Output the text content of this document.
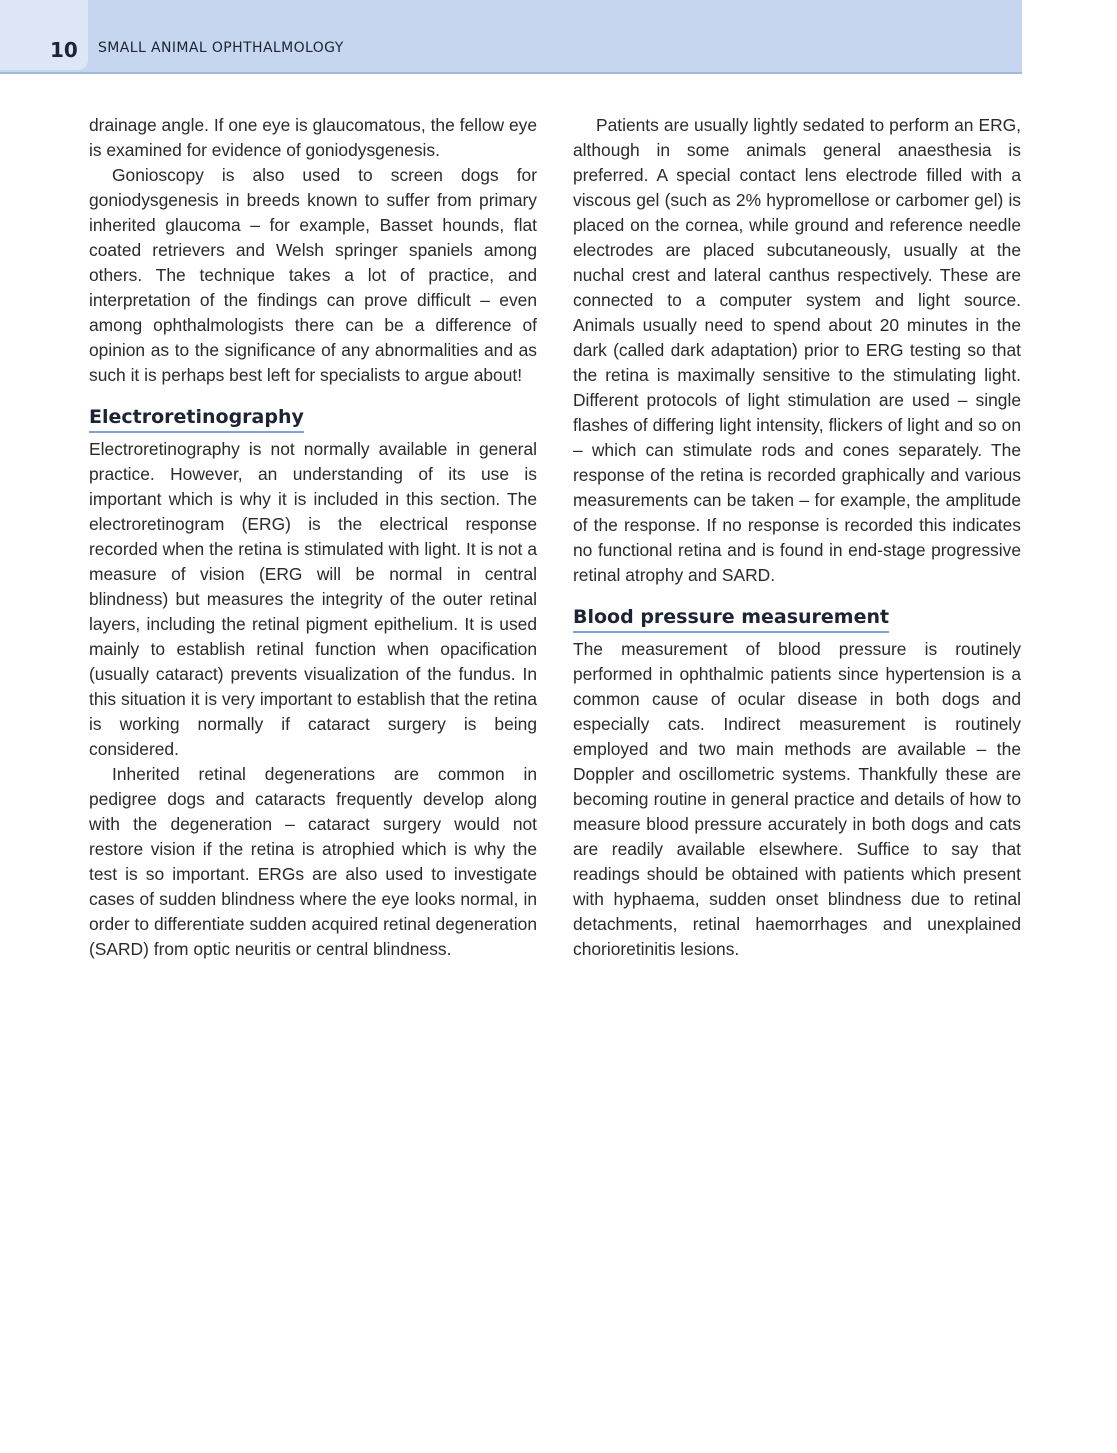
10 SMALL ANIMAL OPHTHALMOLOGY

drainage angle. If one eye is glaucomatous, the fellow eye is examined for evidence of goniodysgenesis.

Gonioscopy is also used to screen dogs for goniodysgenesis in breeds known to suffer from primary inherited glaucoma – for example, Basset hounds, flat coated retrievers and Welsh springer spaniels among others. The technique takes a lot of practice, and interpretation of the findings can prove difficult – even among ophthalmologists there can be a difference of opinion as to the significance of any abnormalities and as such it is perhaps best left for specialists to argue about!

Electroretinography

Electroretinography is not normally available in general practice. However, an understanding of its use is important which is why it is included in this section. The electroretinogram (ERG) is the electrical response recorded when the retina is stimulated with light. It is not a measure of vision (ERG will be normal in central blindness) but measures the integrity of the outer retinal layers, including the retinal pigment epithelium. It is used mainly to establish retinal function when opacification (usually cataract) prevents visualization of the fundus. In this situation it is very important to establish that the retina is working normally if cataract surgery is being considered.

Inherited retinal degenerations are common in pedigree dogs and cataracts frequently develop along with the degeneration – cataract surgery would not restore vision if the retina is atrophied which is why the test is so important. ERGs are also used to investigate cases of sudden blindness where the eye looks normal, in order to differentiate sudden acquired retinal degeneration (SARD) from optic neuritis or central blindness.

Patients are usually lightly sedated to perform an ERG, although in some animals general anaesthesia is preferred. A special contact lens electrode filled with a viscous gel (such as 2% hypromellose or carbomer gel) is placed on the cornea, while ground and reference needle electrodes are placed subcutaneously, usually at the nuchal crest and lateral canthus respectively. These are connected to a computer system and light source. Animals usually need to spend about 20 minutes in the dark (called dark adaptation) prior to ERG testing so that the retina is maximally sensitive to the stimulating light. Different protocols of light stimulation are used – single flashes of differing light intensity, flickers of light and so on – which can stimulate rods and cones separately. The response of the retina is recorded graphically and various measurements can be taken – for example, the amplitude of the response. If no response is recorded this indicates no functional retina and is found in end-stage progressive retinal atrophy and SARD.

Blood pressure measurement

The measurement of blood pressure is routinely performed in ophthalmic patients since hypertension is a common cause of ocular disease in both dogs and especially cats. Indirect measurement is routinely employed and two main methods are available – the Doppler and oscillometric systems. Thankfully these are becoming routine in general practice and details of how to measure blood pressure accurately in both dogs and cats are readily available elsewhere. Suffice to say that readings should be obtained with patients which present with hyphaema, sudden onset blindness due to retinal detachments, retinal haemorrhages and unexplained chorioretinitis lesions.
